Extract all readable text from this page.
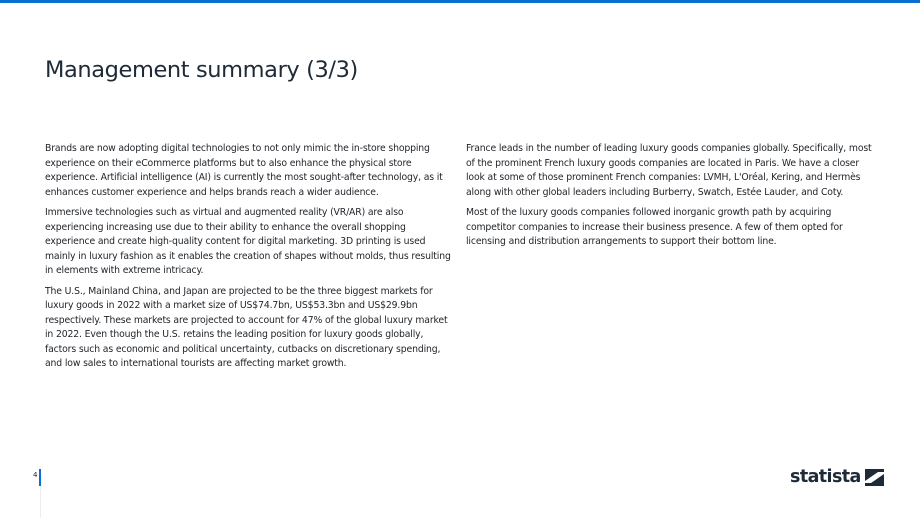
Management summary (3/3)

Brands are now adopting digital technologies to not only mimic the in-store shopping experience on their eCommerce platforms but to also enhance the physical store experience. Artificial intelligence (AI) is currently the most sought-after technology, as it enhances customer experience and helps brands reach a wider audience.

Immersive technologies such as virtual and augmented reality (VR/AR) are also experiencing increasing use due to their ability to enhance the overall shopping experience and create high-quality content for digital marketing. 3D printing is used mainly in luxury fashion as it enables the creation of shapes without molds, thus resulting in elements with extreme intricacy.

The U.S., Mainland China, and Japan are projected to be the three biggest markets for luxury goods in 2022 with a market size of US$74.7bn, US$53.3bn and US$29.9bn respectively. These markets are projected to account for 47% of the global luxury market in 2022. Even though the U.S. retains the leading position for luxury goods globally, factors such as economic and political uncertainty, cutbacks on discretionary spending, and low sales to international tourists are affecting market growth.

France leads in the number of leading luxury goods companies globally. Specifically, most of the prominent French luxury goods companies are located in Paris. We have a closer look at some of those prominent French companies: LVMH, L'Oréal, Kering, and Hermès along with other global leaders including Burberry, Swatch, Estée Lauder, and Coty.

Most of the luxury goods companies followed inorganic growth path by acquiring competitor companies to increase their business presence. A few of them opted for licensing and distribution arrangements to support their bottom line.

4	statista
